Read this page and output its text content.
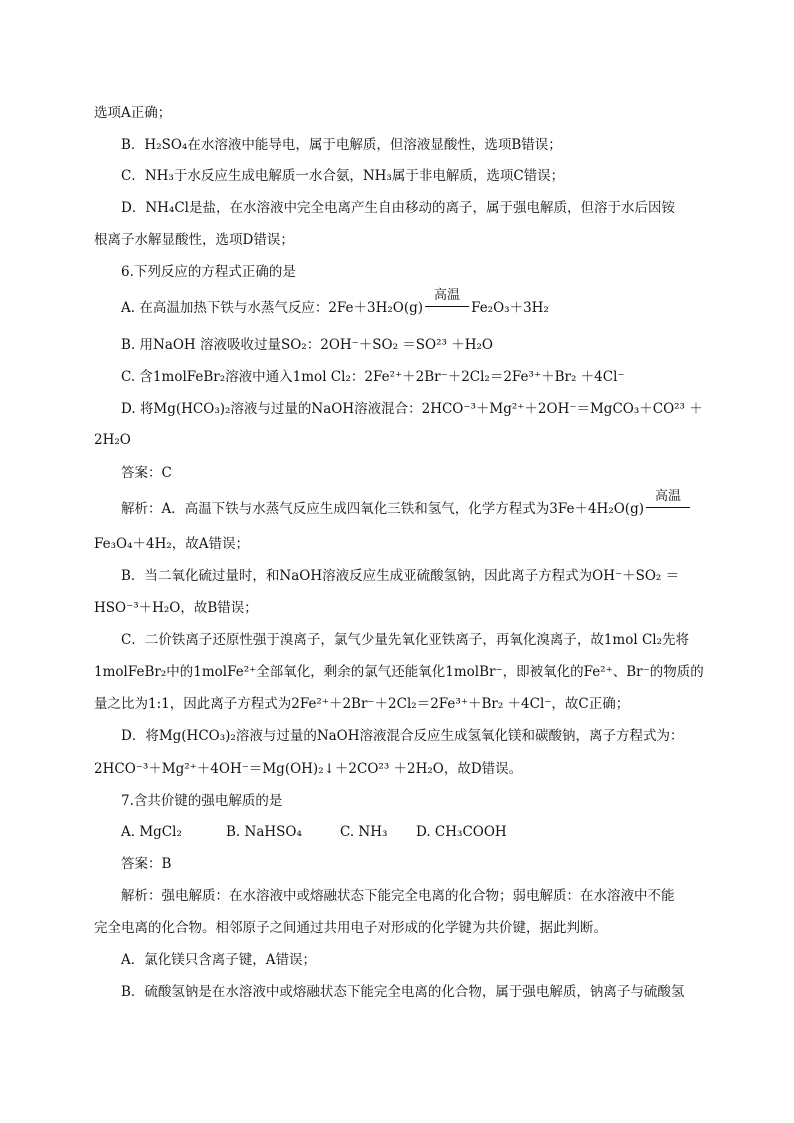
选项A正确；
B．H₂SO₄在水溶液中能导电，属于电解质，但溶液显酸性，选项B错误；
C．NH₃于水反应生成电解质一水合氨，NH₃属于非电解质，选项C错误；
D．NH₄Cl是盐，在水溶液中完全电离产生自由移动的离子，属于强电解质，但溶于水后因铵
根离子水解显酸性，选项D错误；
6.下列反应的方程式正确的是
A. 在高温加热下铁与水蒸气反应：2Fe＋3H₂O(g)
高温
Fe₂O₃＋3H₂
B. 用NaOH 溶液吸收过量SO₂：2OH⁻＋SO₂ ＝SO²³ ＋H₂O
C. 含1molFeBr₂溶液中通入1mol Cl₂：2Fe²⁺＋2Br⁻＋2Cl₂＝2Fe³⁺＋Br₂ ＋4Cl⁻
D. 将Mg(HCO₃)₂溶液与过量的NaOH溶液混合：2HCO⁻³＋Mg²⁺＋2OH⁻＝MgCO₃＋CO²³ ＋
2H₂O
答案：C
解析：A．高温下铁与水蒸气反应生成四氧化三铁和氢气，化学方程式为3Fe＋4H₂O(g)
高温
Fe₃O₄＋4H₂，故A错误；
B．当二氧化硫过量时，和NaOH溶液反应生成亚硫酸氢钠，因此离子方程式为OH⁻＋SO₂ ＝
HSO⁻³＋H₂O，故B错误；
C．二价铁离子还原性强于溴离子，氯气少量先氧化亚铁离子，再氧化溴离子，故1mol Cl₂先将
1molFeBr₂中的1molFe²⁺全部氧化，剩余的氯气还能氧化1molBr⁻，即被氧化的Fe²⁺、Br⁻的物质的
量之比为1:1，因此离子方程式为2Fe²⁺＋2Br⁻＋2Cl₂＝2Fe³⁺＋Br₂ ＋4Cl⁻，故C正确；
D．将Mg(HCO₃)₂溶液与过量的NaOH溶液混合反应生成氢氧化镁和碳酸钠，离子方程式为：
2HCO⁻³＋Mg²⁺＋4OH⁻＝Mg(OH)₂↓＋2CO²³ ＋2H₂O，故D错误。
7.含共价键的强电解质的是
A. MgCl₂	B. NaHSO₄	C. NH₃ D. CH₃COOH
答案：B
解析：强电解质：在水溶液中或熔融状态下能完全电离的化合物；弱电解质：在水溶液中不能
完全电离的化合物。相邻原子之间通过共用电子对形成的化学键为共价键，据此判断。
A．氯化镁只含离子键，A错误；
B．硫酸氢钠是在水溶液中或熔融状态下能完全电离的化合物，属于强电解质，钠离子与硫酸氢
